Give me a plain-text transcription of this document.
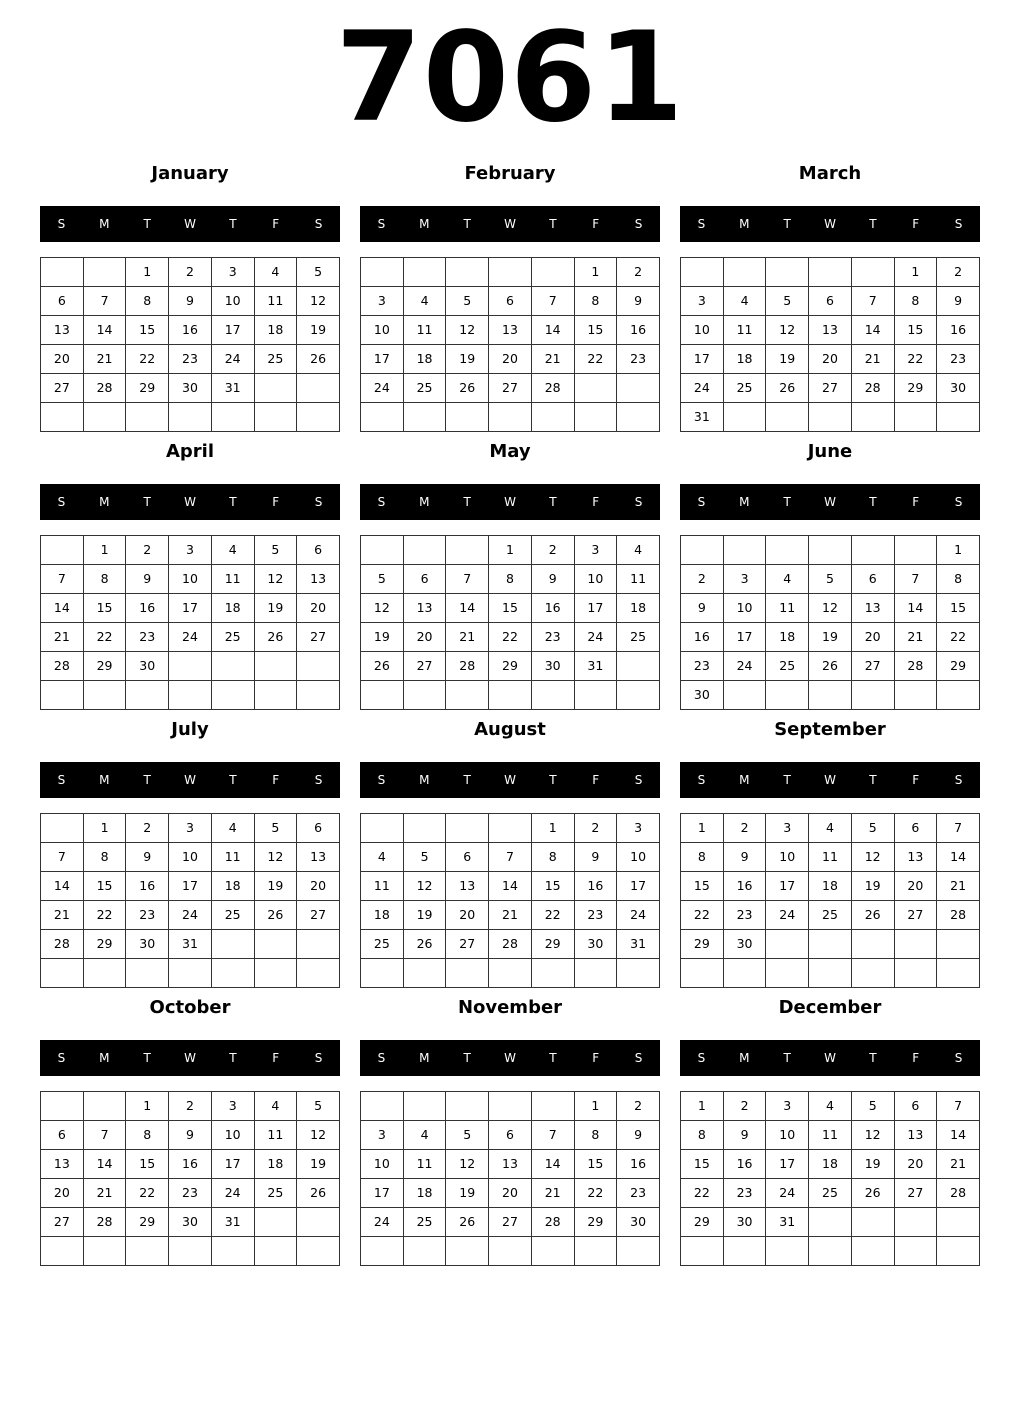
7061
January
S	M	T	W	T	F	S
		1	2	3	4	5
6	7	8	9	10	11	12
13	14	15	16	17	18	19
20	21	22	23	24	25	26
27	28	29	30	31		

February
S	M	T	W	T	F	S
					1	2
3	4	5	6	7	8	9
10	11	12	13	14	15	16
17	18	19	20	21	22	23
24	25	26	27	28		

March
S	M	T	W	T	F	S
					1	2
3	4	5	6	7	8	9
10	11	12	13	14	15	16
17	18	19	20	21	22	23
24	25	26	27	28	29	30
31						
April
S	M	T	W	T	F	S
	1	2	3	4	5	6
7	8	9	10	11	12	13
14	15	16	17	18	19	20
21	22	23	24	25	26	27
28	29	30				

May
S	M	T	W	T	F	S
			1	2	3	4
5	6	7	8	9	10	11
12	13	14	15	16	17	18
19	20	21	22	23	24	25
26	27	28	29	30	31	

June
S	M	T	W	T	F	S
						1
2	3	4	5	6	7	8
9	10	11	12	13	14	15
16	17	18	19	20	21	22
23	24	25	26	27	28	29
30						
July
S	M	T	W	T	F	S
	1	2	3	4	5	6
7	8	9	10	11	12	13
14	15	16	17	18	19	20
21	22	23	24	25	26	27
28	29	30	31			

August
S	M	T	W	T	F	S
				1	2	3
4	5	6	7	8	9	10
11	12	13	14	15	16	17
18	19	20	21	22	23	24
25	26	27	28	29	30	31

September
S	M	T	W	T	F	S
1	2	3	4	5	6	7
8	9	10	11	12	13	14
15	16	17	18	19	20	21
22	23	24	25	26	27	28
29	30					

October
S	M	T	W	T	F	S
		1	2	3	4	5
6	7	8	9	10	11	12
13	14	15	16	17	18	19
20	21	22	23	24	25	26
27	28	29	30	31		

November
S	M	T	W	T	F	S
					1	2
3	4	5	6	7	8	9
10	11	12	13	14	15	16
17	18	19	20	21	22	23
24	25	26	27	28	29	30

December
S	M	T	W	T	F	S
1	2	3	4	5	6	7
8	9	10	11	12	13	14
15	16	17	18	19	20	21
22	23	24	25	26	27	28
29	30	31				
